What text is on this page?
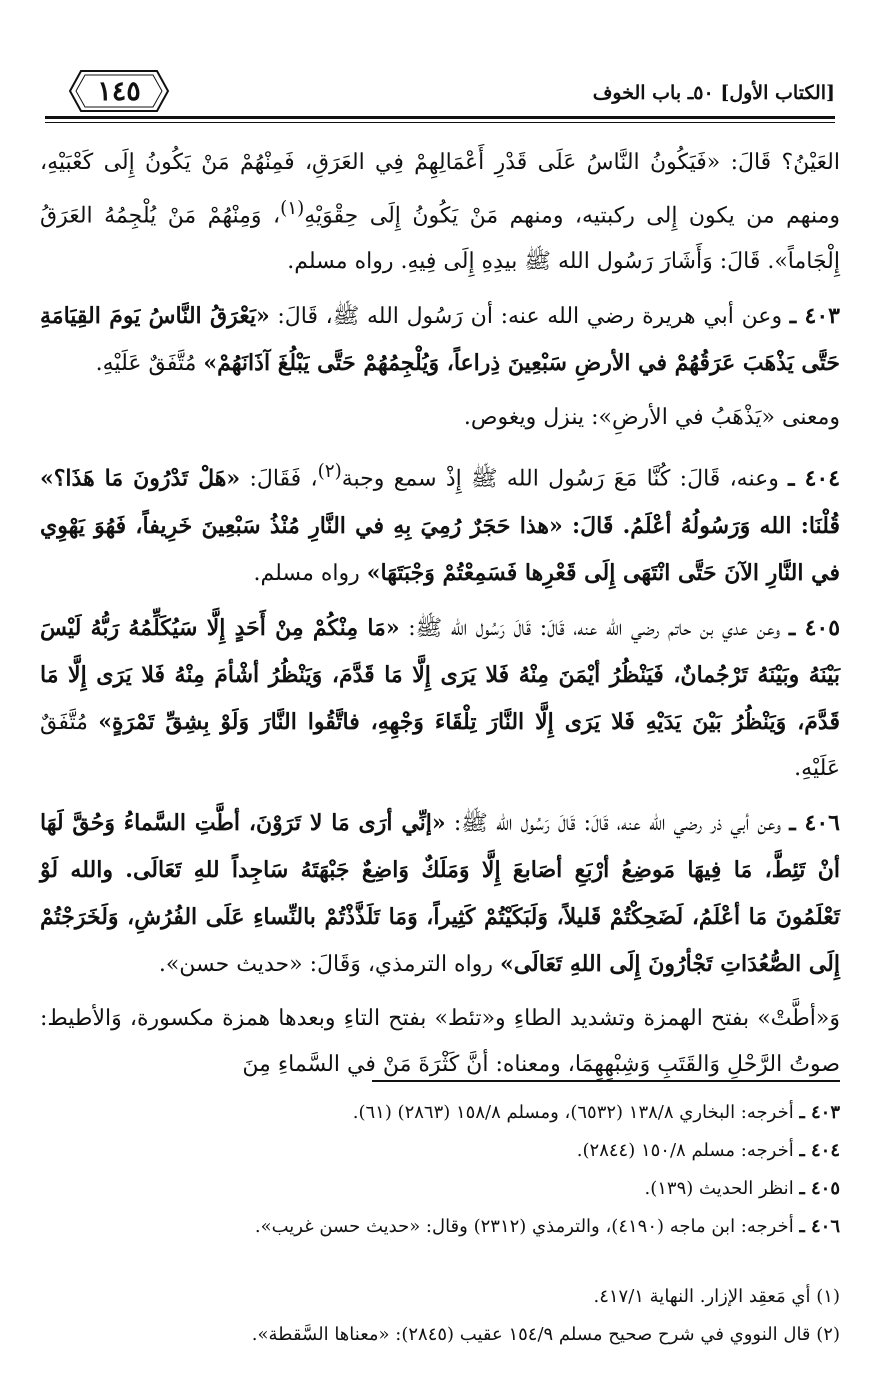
١٤٥	[الكتاب الأول] ٥٠ـ باب الخوف

العَيْنُ؟ قَالَ: «فَيَكُونُ النَّاسُ عَلَى قَدْرِ أَعْمَالِهِمْ فِي العَرَقِ، فَمِنْهُمْ مَنْ يَكُونُ إِلَى كَعْبَيْهِ، ومنهم من يكون إِلى ركبتيه، ومنهم مَنْ يَكُونُ إِلَى حِقْوَيْهِ$^{(١)}$، وَمِنْهُمْ مَنْ يُلْجِمُهُ العَرَقُ إِلْجَاماً». قَالَ: وَأَشَارَ رَسُول الله ﷺ بيدِهِ إِلَى فِيهِ. رواه مسلم.

٤٠٣ ـ وعن أبي هريرة رضي الله عنه: أن رَسُول الله ﷺ، قَالَ: «يَعْرَقُ النَّاسُ يَومَ القِيَامَةِ حَتَّى يَذْهَبَ عَرَقُهُمْ في الأرضِ سَبْعِينَ ذِراعاً، وَيُلْجِمُهُمْ حَتَّى يَبْلُغَ آذَانَهُمْ» مُتَّفَقٌ عَلَيْهِ.

ومعنى «يَذْهَبُ في الأرضِ»: ينزل ويغوص.

٤٠٤ ـ وعنه، قَالَ: كُنَّا مَعَ رَسُول الله ﷺ إِذْ سمع وجبة$^{(٢)}$، فَقَالَ: «هَلْ تَدْرُونَ مَا هَذَا؟» قُلْنَا: الله وَرَسُولُهُ أعْلَمُ. قَالَ: «هذا حَجَرٌ رُمِيَ بِهِ في النَّارِ مُنْذُ سَبْعِينَ خَرِيفاً، فَهُوَ يَهْوِي في النَّارِ الآنَ حَتَّى انْتَهَى إِلَى قَعْرِها فَسَمِعْتُمْ وَجْبَتَهَا» رواه مسلم.

٤٠٥ ـ وعن عدي بن حاتم رضي الله عنه، قَالَ: قَالَ رَسُول الله ﷺ: «مَا مِنْكُمْ مِنْ أَحَدٍ إِلَّا سَيُكَلِّمُهُ رَبُّهُ لَيْسَ بَيْنَهُ وبَيْنَهُ تَرْجُمانٌ، فَيَنْظُرُ أيْمَنَ مِنْهُ فَلا يَرَى إِلَّا مَا قَدَّمَ، وَيَنْظُرُ أشْأمَ مِنْهُ فَلا يَرَى إِلَّا مَا قَدَّمَ، وَيَنْظُرُ بَيْنَ يَدَيْهِ فَلا يَرَى إِلَّا النَّارَ تِلْقَاءَ وَجْهِهِ، فاتَّقُوا النَّارَ وَلَوْ بِشِقِّ تَمْرَةٍ» مُتَّفَقٌ عَلَيْهِ.

٤٠٦ ـ وعن أبي ذر رضي الله عنه، قَالَ: قَالَ رَسُول الله ﷺ: «إنِّي أرَى مَا لا تَرَوْنَ، أطَّتِ السَّماءُ وَحُقَّ لَهَا أنْ تَئِطَّ، مَا فِيهَا مَوضِعُ أرْبَعِ أصَابعَ إِلَّا وَمَلَكٌ وَاضِعٌ جَبْهَتَهُ سَاجِداً للهِ تَعَالَى. والله لَوْ تَعْلَمُونَ مَا أعْلَمُ، لَضَحِكْتُمْ قَليلاً، وَلَبَكَيْتُمْ كَثِيراً، وَمَا تَلَذَّذْتُمْ بالنِّساءِ عَلَى الفُرُشِ، وَلَخَرَجْتُمْ إِلَى الصُّعُدَاتِ تَجْأرُونَ إِلَى اللهِ تَعَالَى» رواه الترمذي، وَقَالَ: «حديث حسن».

وَ«أطَّتْ» بفتح الهمزة وتشديد الطاءِ و«تئط» بفتح التاءِ وبعدها همزة مكسورة، وَالأطيط: صوتُ الرَّحْلِ وَالقَتَبِ وَشِبْهِهِمَا، ومعناه: أنَّ كَثْرَةَ مَنْ في السَّماءِ مِنَ

٤٠٣ ـ أخرجه: البخاري ١٣٨/٨ (٦٥٣٢)، ومسلم ١٥٨/٨ (٢٨٦٣) (٦١).
٤٠٤ ـ أخرجه: مسلم ١٥٠/٨ (٢٨٤٤).
٤٠٥ ـ انظر الحديث (١٣٩).
٤٠٦ ـ أخرجه: ابن ماجه (٤١٩٠)، والترمذي (٢٣١٢) وقال: «حديث حسن غريب».
(١) أي مَعقِد الإزار. النهاية ٤١٧/١.
(٢) قال النووي في شرح صحيح مسلم ١٥٤/٩ عقيب (٢٨٤٥): «معناها السَّقطة».
